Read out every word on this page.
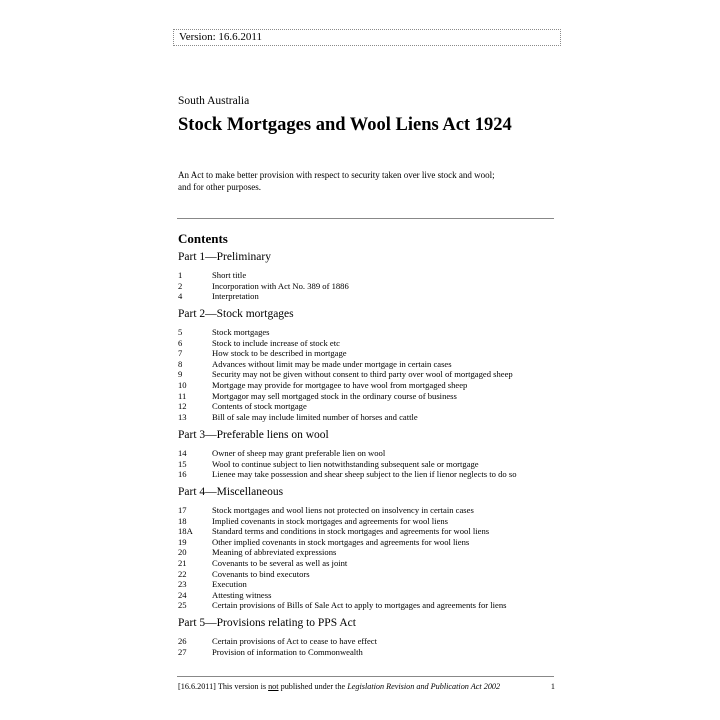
Version: 16.6.2011
South Australia
Stock Mortgages and Wool Liens Act 1924
An Act to make better provision with respect to security taken over live stock and wool;
and for other purposes.
Contents
Part 1—Preliminary
1	Short title
2	Incorporation with Act No. 389 of 1886
4	Interpretation
Part 2—Stock mortgages
5	Stock mortgages
6	Stock to include increase of stock etc
7	How stock to be described in mortgage
8	Advances without limit may be made under mortgage in certain cases
9	Security may not be given without consent to third party over wool of mortgaged sheep
10	Mortgage may provide for mortgagee to have wool from mortgaged sheep
11	Mortgagor may sell mortgaged stock in the ordinary course of business
12	Contents of stock mortgage
13	Bill of sale may include limited number of horses and cattle
Part 3—Preferable liens on wool
14	Owner of sheep may grant preferable lien on wool
15	Wool to continue subject to lien notwithstanding subsequent sale or mortgage
16	Lienee may take possession and shear sheep subject to the lien if lienor neglects to do so
Part 4—Miscellaneous
17	Stock mortgages and wool liens not protected on insolvency in certain cases
18	Implied covenants in stock mortgages and agreements for wool liens
18A Standard terms and conditions in stock mortgages and agreements for wool liens
19	Other implied covenants in stock mortgages and agreements for wool liens
20	Meaning of abbreviated expressions
21	Covenants to be several as well as joint
22	Covenants to bind executors
23	Execution
24	Attesting witness
25	Certain provisions of Bills of Sale Act to apply to mortgages and agreements for liens
Part 5—Provisions relating to PPS Act
26	Certain provisions of Act to cease to have effect
27	Provision of information to Commonwealth
[16.6.2011] This version is not published under the Legislation Revision and Publication Act 2002	1
